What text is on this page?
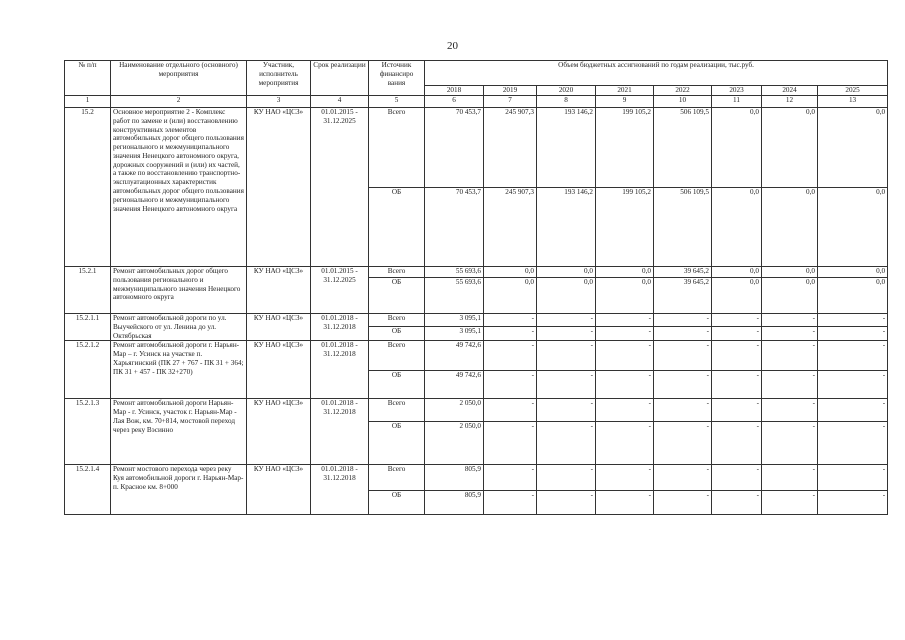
20
№ п/п	Наименование отдельного (основного) мероприятия	Участник, исполнитель мероприятия	Срок реализации	Источник финансиро вания	Объем бюджетных ассигнований по годам реализации, тыс.руб.							
					2018	2019	2020	2021	2022	2023	2024	2025
1	2	3	4	5	6	7	8	9	10	11	12	13
15.2	Основное мероприятие 2 - Комплекс работ по замене и (или) восстановлению конструктивных элементов автомобильных дорог общего пользования регионального и межмуниципального значения Ненецкого автономного округа, дорожных сооружений и (или) их частей, а также по восстановлению транспортно-эксплуатационных характеристик автомобильных дорог общего пользования регионального и межмуниципального значения Ненецкого автономного округа	КУ НАО «ЦСЗ»	01.01.2015 - 31.12.2025	Всего	70 453,7	245 907,3	193 146,2	199 105,2	506 109,5	0,0	0,0	0,0
				ОБ	70 453,7	245 907,3	193 146,2	199 105,2	506 109,5	0,0	0,0	0,0
15.2.1	Ремонт автомобильных дорог общего пользования регионального и межмуниципального значения Ненецкого автономного округа	КУ НАО «ЦСЗ»	01.01.2015 - 31.12.2025	Всего	55 693,6	0,0	0,0	0,0	39 645,2	0,0	0,0	0,0
				ОБ	55 693,6	0,0	0,0	0,0	39 645,2	0,0	0,0	0,0
15.2.1.1	Ремонт автомобильной дороги по ул. Выучейского от ул. Ленина до ул. Октябрьская	КУ НАО «ЦСЗ»	01.01.2018 - 31.12.2018	Всего	3 095,1	-	-	-	-	-	-	-
				ОБ	3 095,1	-	-	-	-	-	-	-
15.2.1.2	Ремонт автомобильной дороги г. Нарьян-Мар – г. Усинск на участке п. Харьягинский (ПК 27 + 767 - ПК 31 + 364; ПК 31 + 457 - ПК 32+270)	КУ НАО «ЦСЗ»	01.01.2018 - 31.12.2018	Всего	49 742,6	-	-	-	-	-	-	-
				ОБ	49 742,6	-	-	-	-	-	-	-
15.2.1.3	Ремонт автомобильной дороги Нарьян-Мар - г. Усинск, участок г. Нарьян-Мар - Лая Вож, км. 70+814, мостовой переход через реку Вэсинно	КУ НАО «ЦСЗ»	01.01.2018 - 31.12.2018	Всего	2 050,0	-	-	-	-	-	-	-
				ОБ	2 050,0	-	-	-	-	-	-	-
15.2.1.4	Ремонт мостового перехода через реку Куя автомобильной дороги г. Нарьян-Мар-п. Красное км. 8+000	КУ НАО «ЦСЗ»	01.01.2018 - 31.12.2018	Всего	805,9	-	-	-	-	-	-	-
				ОБ	805,9	-	-	-	-	-	-	-
